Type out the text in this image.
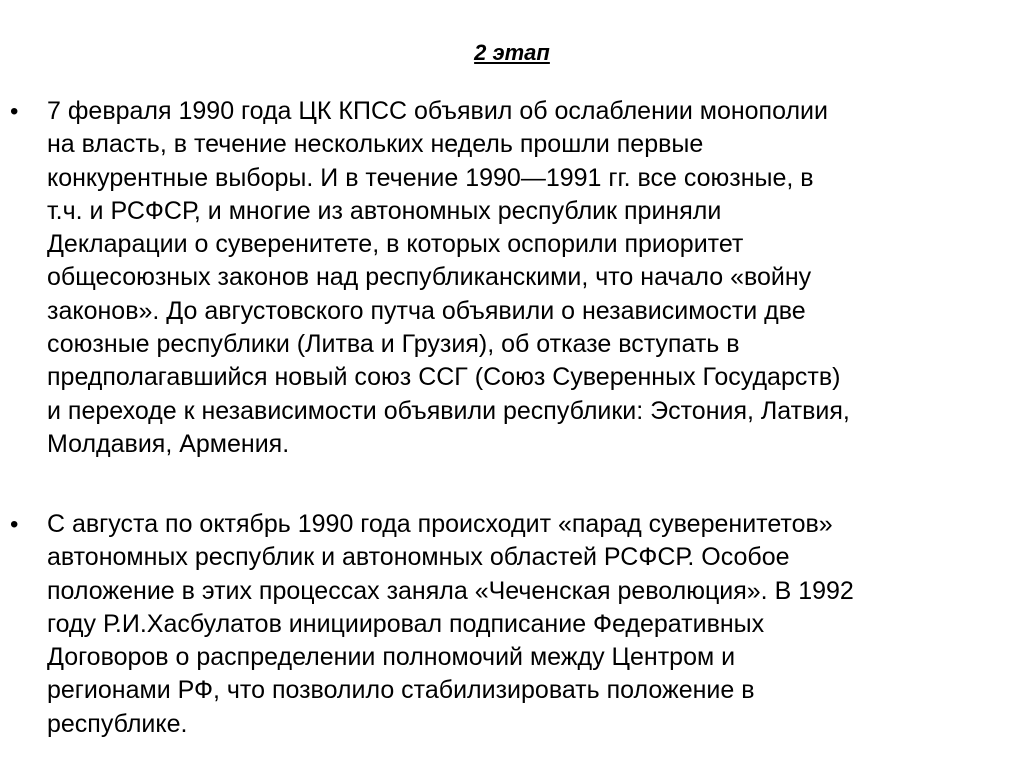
2 этап
• 7 февраля 1990 года ЦК КПСС объявил об ослаблении монополии
на власть, в течение нескольких недель прошли первые
конкурентные выборы. И в течение 1990—1991 гг. все союзные, в
т.ч. и РСФСР, и многие из автономных республик приняли
Декларации о суверенитете, в которых оспорили приоритет
общесоюзных законов над республиканскими, что начало «войну
законов». До августовского путча объявили о независимости две
союзные республики (Литва и Грузия), об отказе вступать в
предполагавшийся новый союз ССГ (Союз Суверенных Государств)
и переходе к независимости объявили республики: Эстония, Латвия,
Молдавия, Армения.
• С августа по октябрь 1990 года происходит «парад суверенитетов»
автономных республик и автономных областей РСФСР. Особое
положение в этих процессах заняла «Чеченская революция». В 1992
году Р.И.Хасбулатов инициировал подписание Федеративных
Договоров о распределении полномочий между Центром и
регионами РФ, что позволило стабилизировать положение в
республике.
